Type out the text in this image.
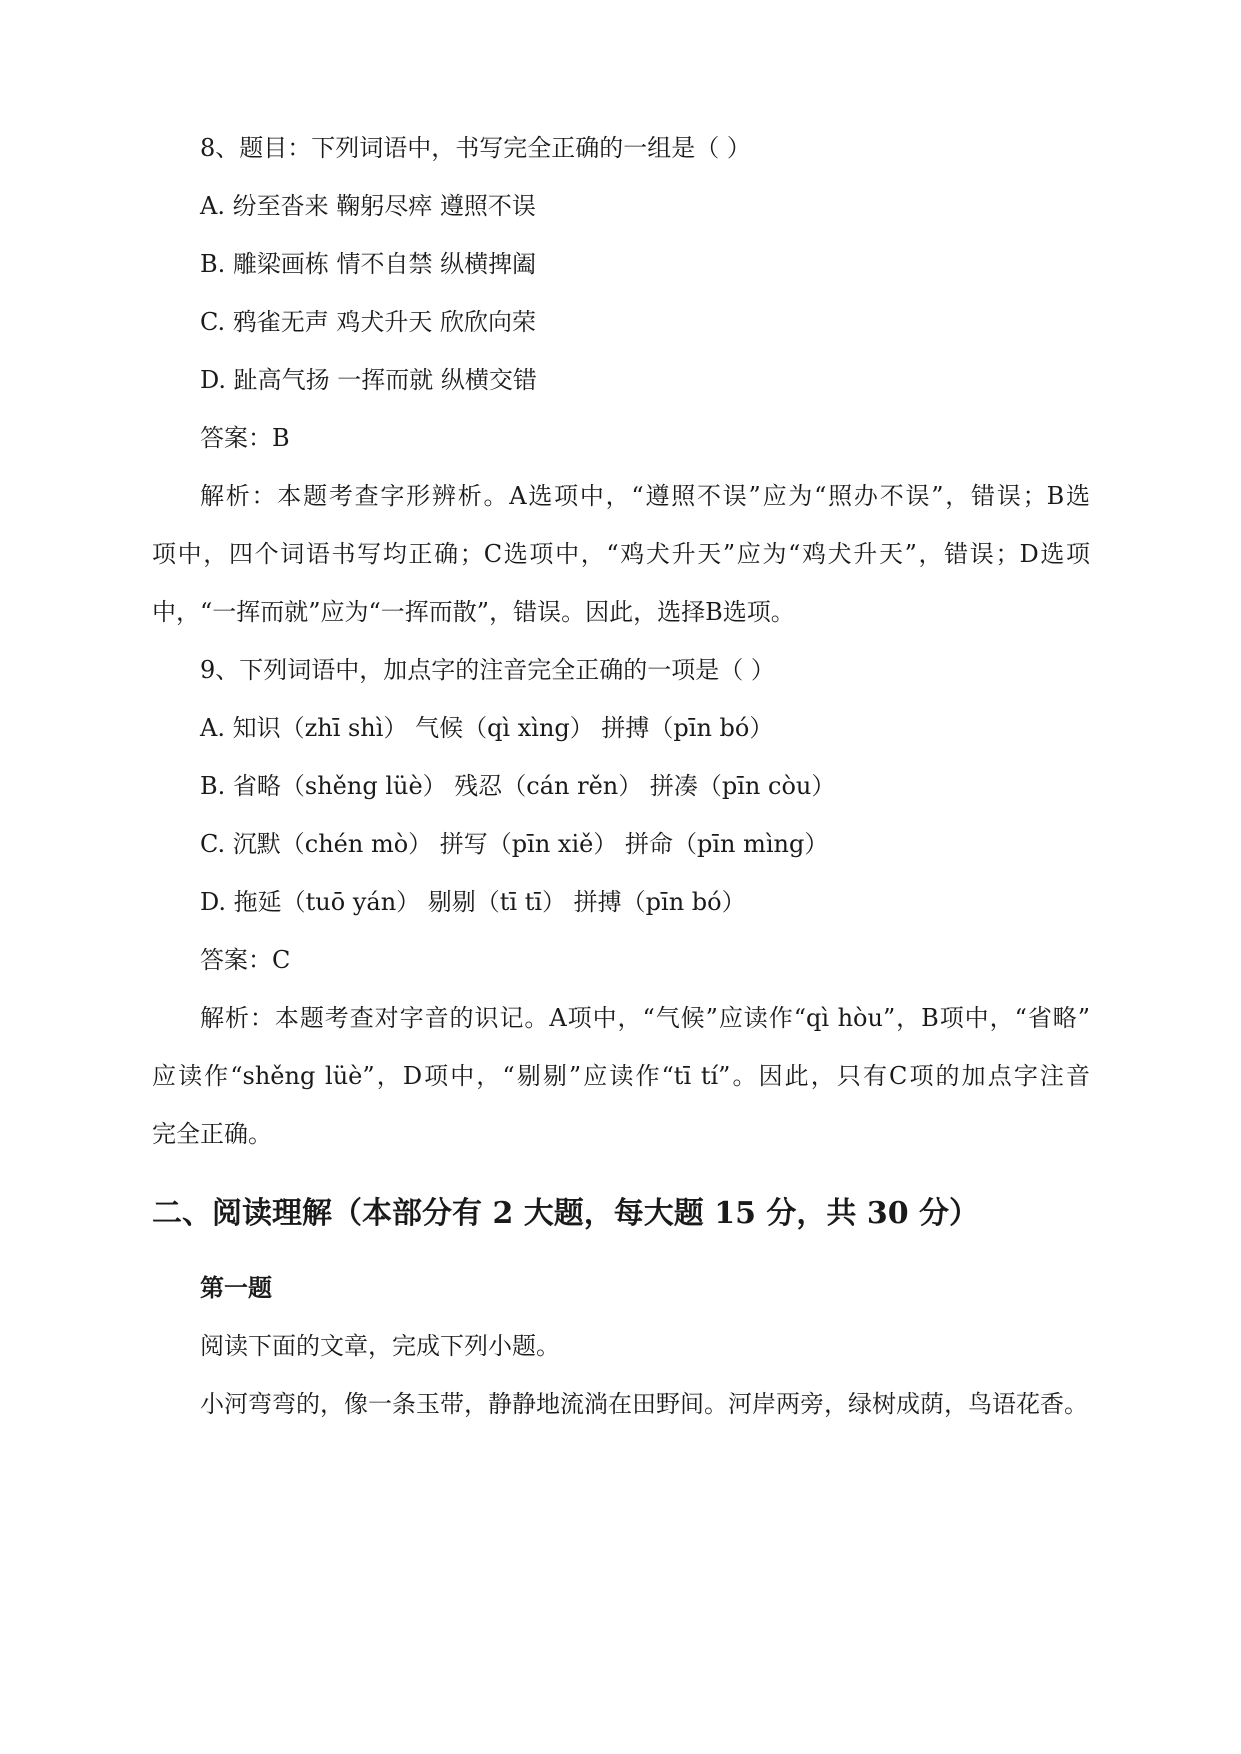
8、题目：下列词语中，书写完全正确的一组是（ ）
A. 纷至沓来 鞠躬尽瘁 遵照不误
B. 雕梁画栋 情不自禁 纵横捭阖
C. 鸦雀无声 鸡犬升天 欣欣向荣
D. 趾高气扬 一挥而就 纵横交错
答案：B
解析：本题考查字形辨析。A选项中，“遵照不误”应为“照办不误”，错误；B选
项中，四个词语书写均正确；C选项中，“鸡犬升天”应为“鸡犬升天”，错误；D选项
中，“一挥而就”应为“一挥而散”，错误。因此，选择B选项。
9、下列词语中，加点字的注音完全正确的一项是（ ）
A. 知识（zhī shì） 气候（qì xìng） 拼搏（pīn bó）
B. 省略（shěng lüè） 残忍（cán rěn） 拼凑（pīn còu）
C. 沉默（chén mò） 拼写（pīn xiě） 拼命（pīn mìng）
D. 拖延（tuō yán） 剔剔（tī tī） 拼搏（pīn bó）
答案：C
解析：本题考查对字音的识记。A项中，“气候”应读作“qì hòu”，B项中，“省略”
应读作“shěng lüè”，D项中，“剔剔”应读作“tī tí”。因此，只有C项的加点字注音
完全正确。
二、阅读理解（本部分有 2 大题，每大题 15 分，共 30 分）
第一题
阅读下面的文章，完成下列小题。
小河弯弯的，像一条玉带，静静地流淌在田野间。河岸两旁，绿树成荫，鸟语花香。
